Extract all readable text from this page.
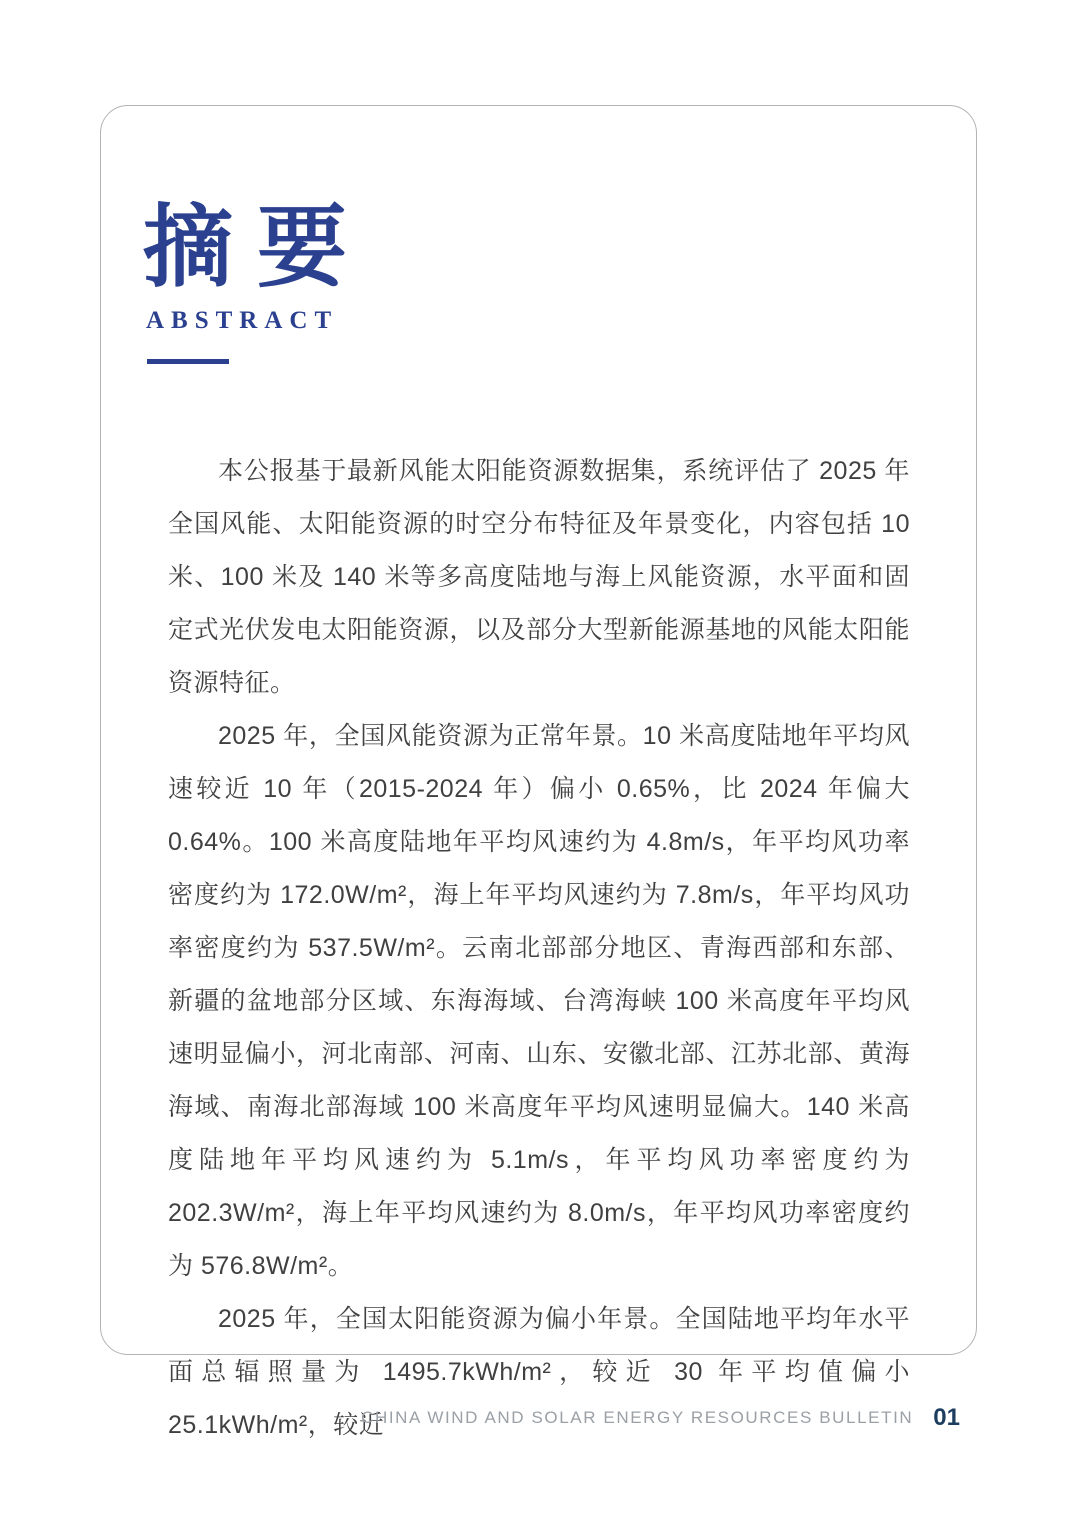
摘要
ABSTRACT

本公报基于最新风能太阳能资源数据集，系统评估了 2025 年全国风能、太阳能资源的时空分布特征及年景变化，内容包括 10 米、100 米及 140 米等多高度陆地与海上风能资源，水平面和固定式光伏发电太阳能资源，以及部分大型新能源基地的风能太阳能资源特征。

2025 年，全国风能资源为正常年景。10 米高度陆地年平均风速较近 10 年（2015-2024 年）偏小 0.65%，比 2024 年偏大 0.64%。100 米高度陆地年平均风速约为 4.8m/s，年平均风功率密度约为 172.0W/m²，海上年平均风速约为 7.8m/s，年平均风功率密度约为 537.5W/m²。云南北部部分地区、青海西部和东部、新疆的盆地部分区域、东海海域、台湾海峡 100 米高度年平均风速明显偏小，河北南部、河南、山东、安徽北部、江苏北部、黄海海域、南海北部海域 100 米高度年平均风速明显偏大。140 米高度陆地年平均风速约为 5.1m/s，年平均风功率密度约为 202.3W/m²，海上年平均风速约为 8.0m/s，年平均风功率密度约为 576.8W/m²。

2025 年，全国太阳能资源为偏小年景。全国陆地平均年水平面总辐照量为 1495.7kWh/m²，较近 30 年平均值偏小 25.1kWh/m²，较近

CHINA WIND AND SOLAR ENERGY RESOURCES BULLETIN 01
